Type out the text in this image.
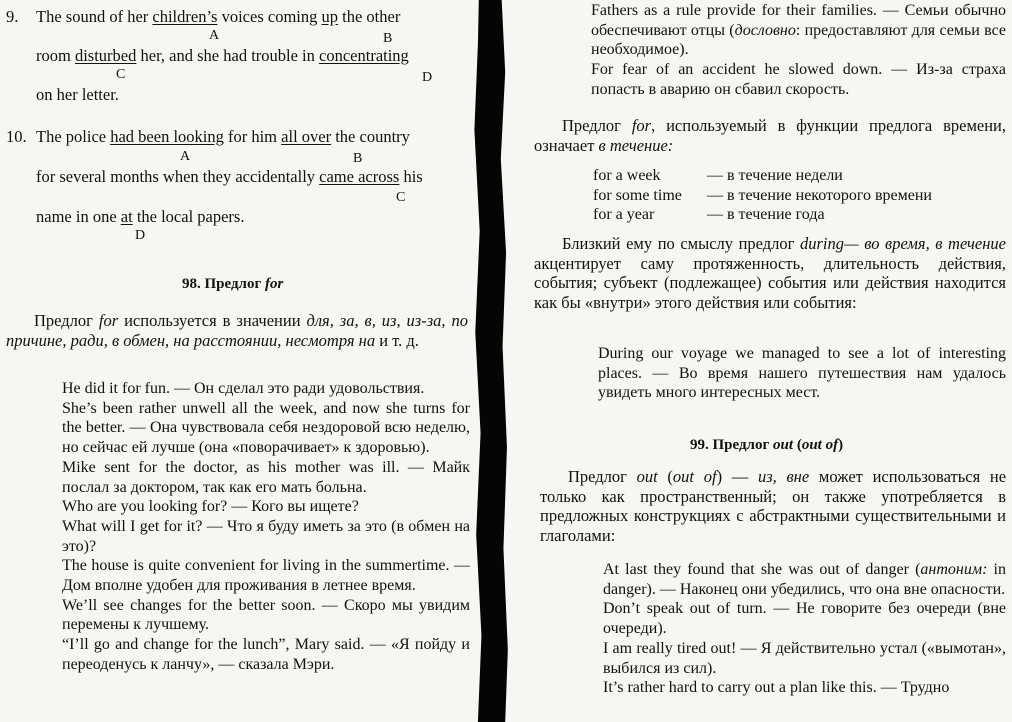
9. The sound of her children’s voices coming up the other
A	B
room disturbed her, and she had trouble in concentrating
C	D
on her letter.
10. The police had been looking for him all over the country
A	B
for several months when they accidentally came across his
C
name in one at the local papers.
D
98. Предлог for
Предлог for используется в значении для, за, в, из, из-за, по причине, ради, в обмен, на расстоянии, несмотря на и т. д.
He did it for fun. — Он сделал это ради удовольствия.
She’s been rather unwell all the week, and now she turns for the better. — Она чувствовала себя нездоровой всю неделю, но сейчас ей лучше (она «поворачивает» к здоровью).
Mike sent for the doctor, as his mother was ill. — Майк послал за доктором, так как его мать больна.
Who are you looking for? — Кого вы ищете?
What will I get for it? — Что я буду иметь за это (в обмен на это)?
The house is quite convenient for living in the summertime. — Дом вполне удобен для проживания в летнее время.
We’ll see changes for the better soon. — Скоро мы увидим перемены к лучшему.
“I’ll go and change for the lunch”, Mary said. — «Я пойду и переоденусь к ланчу», — сказала Мэри.
Fathers as a rule provide for their families. — Семьи обычно обеспечивают отцы (дословно: предоставляют для семьи все необходимое).
For fear of an accident he slowed down. — Из-за страха попасть в аварию он сбавил скорость.
Предлог for, используемый в функции предлога времени, означает в течение:
for a week	— в течение недели
for some time — в течение некоторого времени
for a year	— в течение года
Близкий ему по смыслу предлог during— во время, в течение акцентирует саму протяженность, длительность действия, события; субъект (подлежащее) события или действия находится как бы «внутри» этого действия или события:
During our voyage we managed to see a lot of interesting places. — Во время нашего путешествия нам удалось увидеть много интересных мест.
99. Предлог out (out of)
Предлог out (out of) — из, вне может использоваться не только как пространственный; он также употребляется в предложных конструкциях с абстрактными существительными и глаголами:
At last they found that she was out of danger (антоним: in danger). — Наконец они убедились, что она вне опасности.
Don’t speak out of turn. — Не говорите без очереди (вне очереди).
I am really tired out! — Я действительно устал («вымотан», выбился из сил).
It’s rather hard to carry out a plan like this. — Трудно
